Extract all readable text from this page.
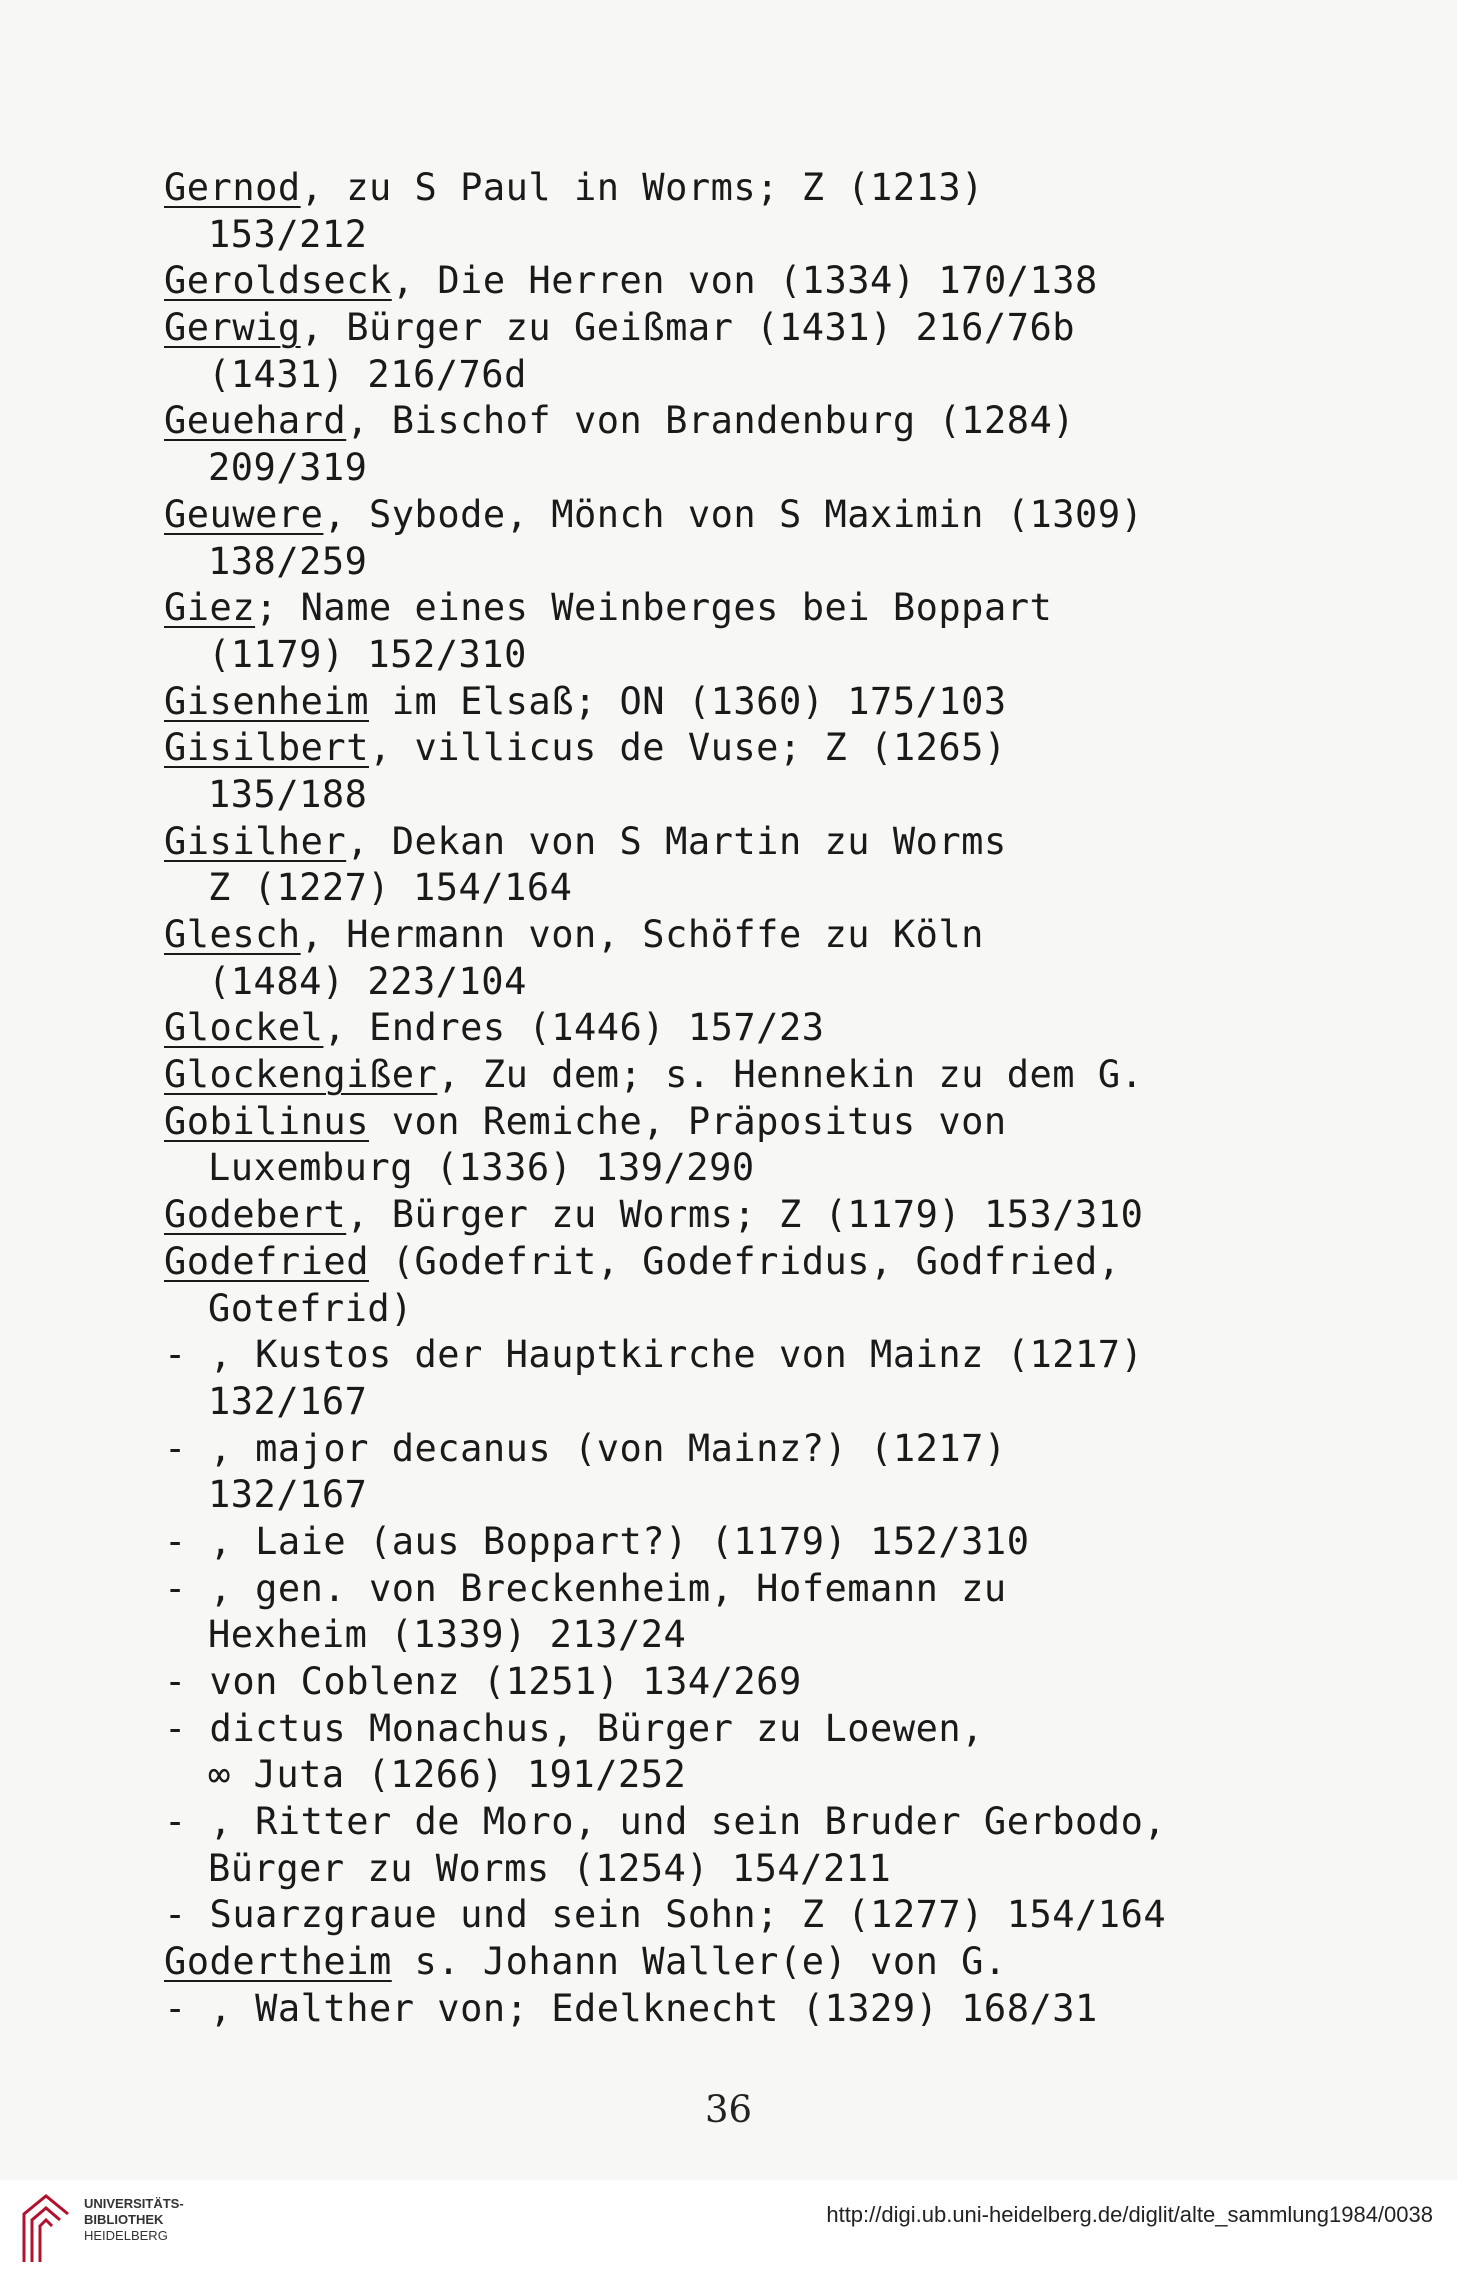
Gernod, zu S Paul in Worms; Z (1213)
153/212
Geroldseck, Die Herren von (1334) 170/138
Gerwig, Bürger zu Geißmar (1431) 216/76b
(1431) 216/76d
Geuehard, Bischof von Brandenburg (1284)
209/319
Geuwere, Sybode, Mönch von S Maximin (1309)
138/259
Giez; Name eines Weinberges bei Boppart
(1179) 152/310
Gisenheim im Elsaß; ON (1360) 175/103
Gisilbert, villicus de Vuse; Z (1265)
135/188
Gisilher, Dekan von S Martin zu Worms
Z (1227) 154/164
Glesch, Hermann von, Schöffe zu Köln
(1484) 223/104
Glockel, Endres (1446) 157/23
Glockengißer, Zu dem; s. Hennekin zu dem G.
Gobilinus von Remiche, Präpositus von
Luxemburg (1336) 139/290
Godebert, Bürger zu Worms; Z (1179) 153/310
Godefried (Godefrit, Godefridus, Godfried,
Gotefrid)
- , Kustos der Hauptkirche von Mainz (1217)
132/167
- , major decanus (von Mainz?) (1217)
132/167
- , Laie (aus Boppart?) (1179) 152/310
- , gen. von Breckenheim, Hofemann zu
Hexheim (1339) 213/24
- von Coblenz (1251) 134/269
- dictus Monachus, Bürger zu Loewen,
∞ Juta (1266) 191/252
- , Ritter de Moro, und sein Bruder Gerbodo,
Bürger zu Worms (1254) 154/211
- Suarzgraue und sein Sohn; Z (1277) 154/164
Godertheim s. Johann Waller(e) von G.
- , Walther von; Edelknecht (1329) 168/31
36
UNIVERSITÄTS-
BIBLIOTHEK
HEIDELBERG
http://digi.ub.uni-heidelberg.de/diglit/alte_sammlung1984/0038
